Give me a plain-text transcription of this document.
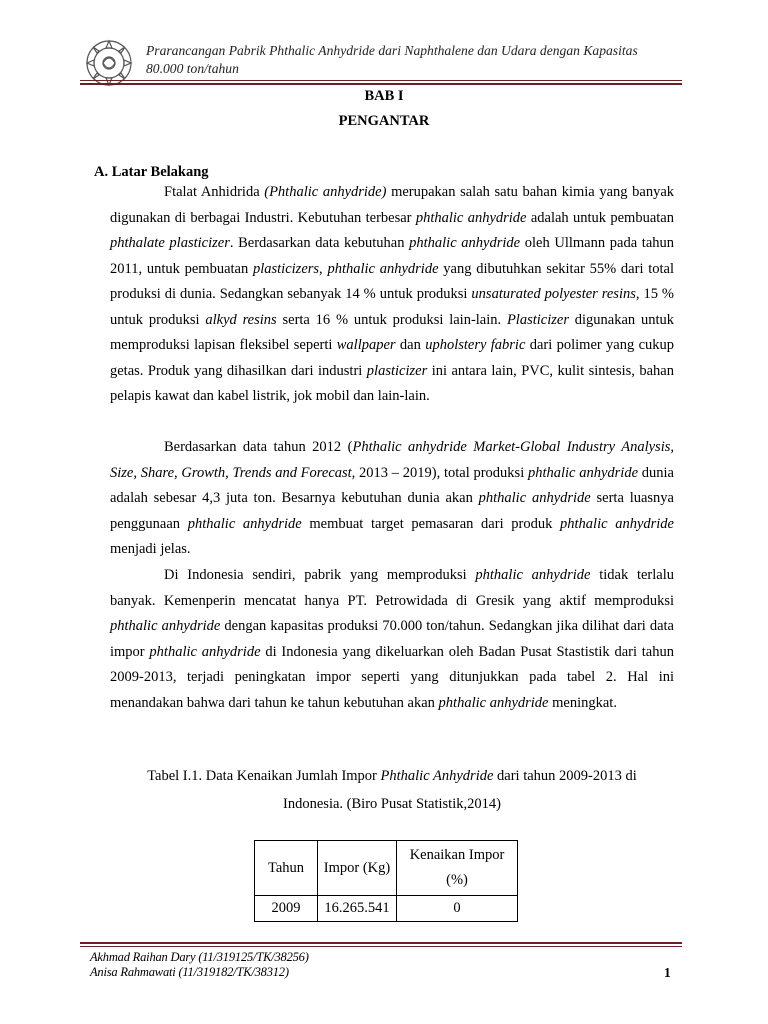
Prarancangan Pabrik Phthalic Anhydride dari Naphthalene dan Udara dengan Kapasitas
80.000 ton/tahun
BAB I
PENGANTAR
A. Latar Belakang
Ftalat Anhidrida (Phthalic anhydride) merupakan salah satu bahan kimia yang banyak digunakan di berbagai Industri. Kebutuhan terbesar phthalic anhydride adalah untuk pembuatan phthalate plasticizer. Berdasarkan data kebutuhan phthalic anhydride oleh Ullmann pada tahun 2011, untuk pembuatan plasticizers, phthalic anhydride yang dibutuhkan sekitar 55% dari total produksi di dunia. Sedangkan sebanyak 14 % untuk produksi unsaturated polyester resins, 15 % untuk produksi alkyd resins serta 16 % untuk produksi lain-lain. Plasticizer digunakan untuk memproduksi lapisan fleksibel seperti wallpaper dan upholstery fabric dari polimer yang cukup getas. Produk yang dihasilkan dari industri plasticizer ini antara lain, PVC, kulit sintesis, bahan pelapis kawat dan kabel listrik, jok mobil dan lain-lain.
Berdasarkan data tahun 2012 (Phthalic anhydride Market-Global Industry Analysis, Size, Share, Growth, Trends and Forecast, 2013 – 2019), total produksi phthalic anhydride dunia adalah sebesar 4,3 juta ton. Besarnya kebutuhan dunia akan phthalic anhydride serta luasnya penggunaan phthalic anhydride membuat target pemasaran dari produk phthalic anhydride menjadi jelas.
Di Indonesia sendiri, pabrik yang memproduksi phthalic anhydride tidak terlalu banyak. Kemenperin mencatat hanya PT. Petrowidada di Gresik yang aktif memproduksi phthalic anhydride dengan kapasitas produksi 70.000 ton/tahun. Sedangkan jika dilihat dari data impor phthalic anhydride di Indonesia yang dikeluarkan oleh Badan Pusat Stastistik dari tahun 2009-2013, terjadi peningkatan impor seperti yang ditunjukkan pada tabel 2. Hal ini menandakan bahwa dari tahun ke tahun kebutuhan akan phthalic anhydride meningkat.
Tabel I.1. Data Kenaikan Jumlah Impor Phthalic Anhydride dari tahun 2009-2013 di
Indonesia. (Biro Pusat Statistik,2014)
Tahun	Impor (Kg)	Kenaikan Impor
(%)

2009	16.265.541	0
Akhmad Raihan Dary (11/319125/TK/38256)
Anisa Rahmawati (11/319182/TK/38312)	1
